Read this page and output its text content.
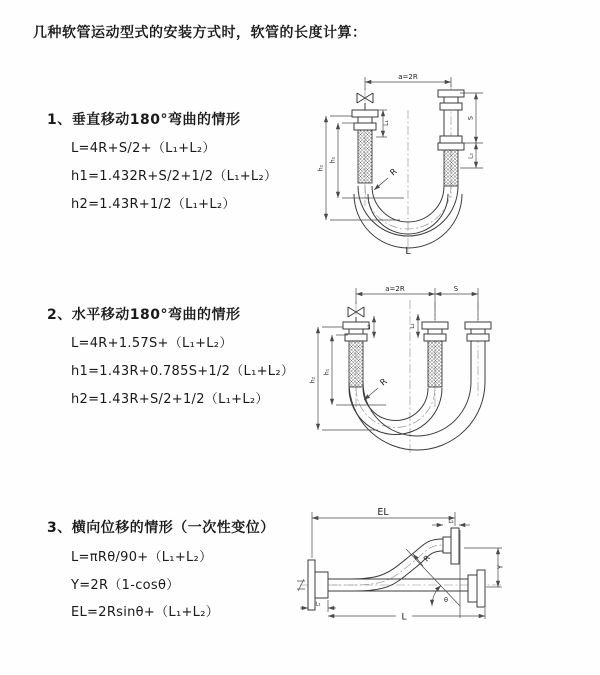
几种软管运动型式的安装方式时，软管的长度计算：
1、垂直移动180°弯曲的情形
L=4R+S/2+（L₁+L₂）
h1=1.432R+S/2+1/2（L₁+L₂）
h2=1.43R+1/2（L₁+L₂）
a=2R
L₁
S
L₂
h₂
h₁
R
L
2、水平移动180°弯曲的情形
L=4R+1.57S+（L₁+L₂）
h1=1.43R+0.785S+1/2（L₁+L₂）
h2=1.43R+S/2+1/2（L₁+L₂）
a=2R	S
L₁	L₂
h₂
h₁
R
3、横向位移的情形（一次性变位）
L=πRθ/90+（L₁+L₂）
Y=2R（1-cosθ）
EL=2Rsinθ+（L₁+L₂）
EL
L₂
Y
θ
R
L
L₁
